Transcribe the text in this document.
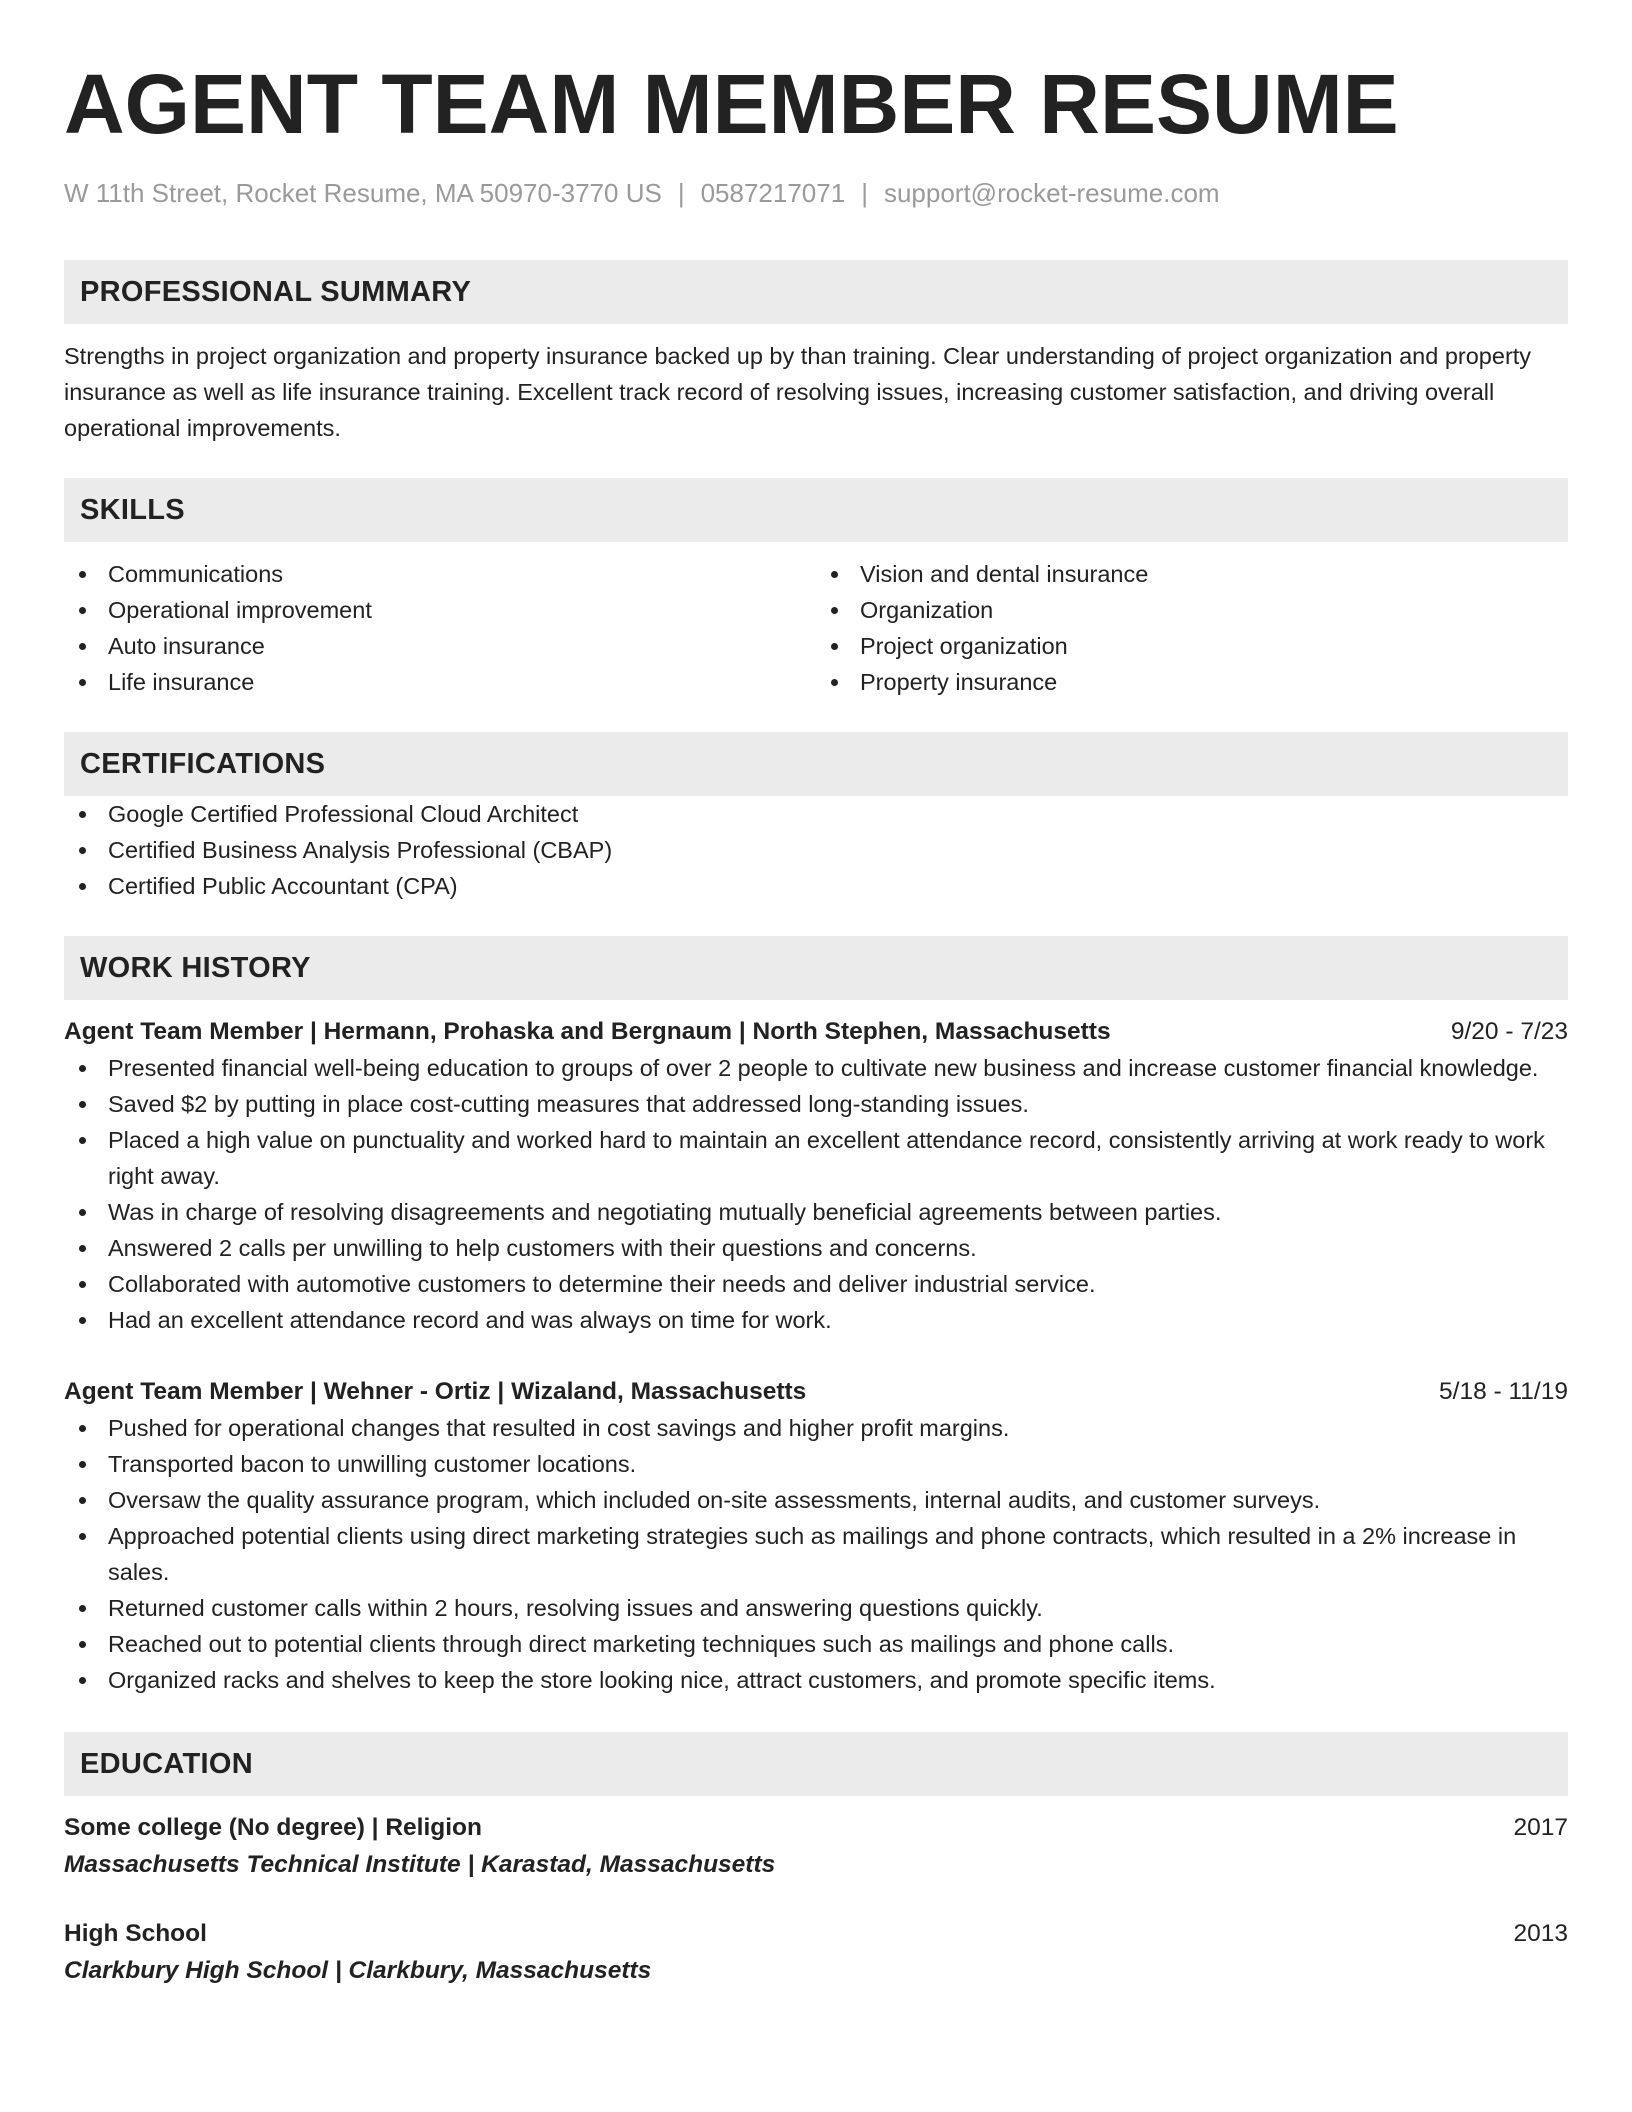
AGENT TEAM MEMBER RESUME
W 11th Street, Rocket Resume, MA 50970-3770 US | 0587217071 | support@rocket-resume.com
PROFESSIONAL SUMMARY

Strengths in project organization and property insurance backed up by than training. Clear understanding of project organization and property insurance as well as life insurance training. Excellent track record of resolving issues, increasing customer satisfaction, and driving overall operational improvements.

SKILLS
Communications
Operational improvement
Auto insurance
Life insurance
Vision and dental insurance
Organization
Project organization
Property insurance
CERTIFICATIONS
Google Certified Professional Cloud Architect
Certified Business Analysis Professional (CBAP)
Certified Public Accountant (CPA)
WORK HISTORY
Agent Team Member | Hermann, Prohaska and Bergnaum | North Stephen, Massachusetts	9/20 - 7/23
Presented financial well-being education to groups of over 2 people to cultivate new business and increase customer financial knowledge.
Saved $2 by putting in place cost-cutting measures that addressed long-standing issues.
Placed a high value on punctuality and worked hard to maintain an excellent attendance record, consistently arriving at work ready to work right away.
Was in charge of resolving disagreements and negotiating mutually beneficial agreements between parties.
Answered 2 calls per unwilling to help customers with their questions and concerns.
Collaborated with automotive customers to determine their needs and deliver industrial service.
Had an excellent attendance record and was always on time for work.
Agent Team Member | Wehner - Ortiz | Wizaland, Massachusetts	5/18 - 11/19
Pushed for operational changes that resulted in cost savings and higher profit margins.
Transported bacon to unwilling customer locations.
Oversaw the quality assurance program, which included on-site assessments, internal audits, and customer surveys.
Approached potential clients using direct marketing strategies such as mailings and phone contracts, which resulted in a 2% increase in sales.
Returned customer calls within 2 hours, resolving issues and answering questions quickly.
Reached out to potential clients through direct marketing techniques such as mailings and phone calls.
Organized racks and shelves to keep the store looking nice, attract customers, and promote specific items.
EDUCATION
Some college (No degree) | Religion	2017
Massachusetts Technical Institute | Karastad, Massachusetts
High School	2013
Clarkbury High School | Clarkbury, Massachusetts
